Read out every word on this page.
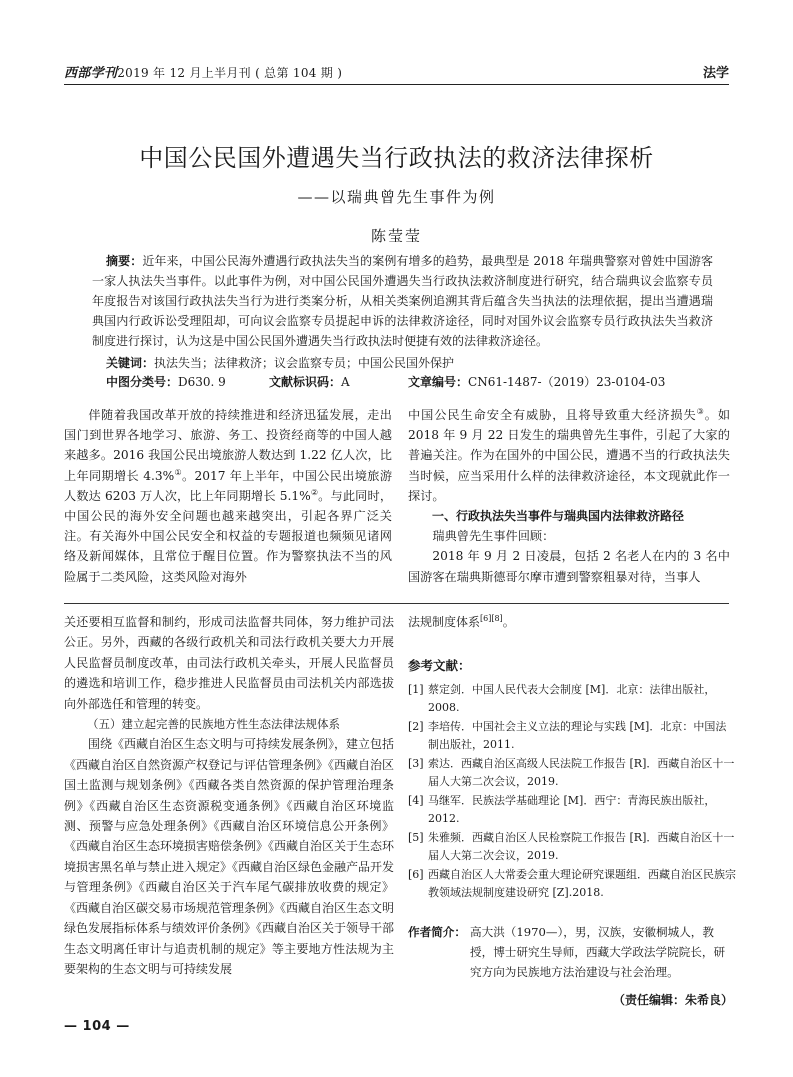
西部学刊2019 年 12 月上半月刊 ( 总第 104 期 )	法学
中国公民国外遭遇失当行政执法的救济法律探析
——以瑞典曾先生事件为例
陈莹莹
摘要：近年来，中国公民海外遭遇行政执法失当的案例有增多的趋势，最典型是 2018 年瑞典警察对曾姓中国游客一家人执法失当事件。以此事件为例，对中国公民国外遭遇失当行政执法救济制度进行研究，结合瑞典议会监察专员年度报告对该国行政执法失当行为进行类案分析，从相关类案例追溯其背后蕴含失当执法的法理依据，提出当遭遇瑞典国内行政诉讼受理阻却，可向议会监察专员提起申诉的法律救济途径，同时对国外议会监察专员行政执法失当救济制度进行探讨，认为这是中国公民国外遭遇失当行政执法时便捷有效的法律救济途径。
关键词：执法失当；法律救济；议会监察专员；中国公民国外保护
中图分类号：D630. 9	文献标识码：A	文章编号：CN61-1487-（2019）23-0104-03

伴随着我国改革开放的持续推进和经济迅猛发展，走出国门到世界各地学习、旅游、务工、投资经商等的中国人越来越多。2016 我国公民出境旅游人数达到 1.22 亿人次，比上年同期增长 4.3%①。2017 年上半年，中国公民出境旅游人数达 6203 万人次，比上年同期增长 5.1%②。与此同时，中国公民的海外安全问题也越来越突出，引起各界广泛关注。有关海外中国公民安全和权益的专题报道也频频见诸网络及新闻媒体，且常位于醒目位置。作为警察执法不当的风险属于二类风险，这类风险对海外

中国公民生命安全有威胁，且将导致重大经济损失③。如 2018 年 9 月 22 日发生的瑞典曾先生事件，引起了大家的普遍关注。作为在国外的中国公民，遭遇不当的行政执法失当时候，应当采用什么样的法律救济途径，本文现就此作一探讨。

一、行政执法失当事件与瑞典国内法律救济路径

瑞典曾先生事件回顾：

2018 年 9 月 2 日凌晨，包括 2 名老人在内的 3 名中国游客在瑞典斯德哥尔摩市遭到警察粗暴对待，当事人

关还要相互监督和制约，形成司法监督共同体，努力维护司法公正。另外，西藏的各级行政机关和司法行政机关要大力开展人民监督员制度改革，由司法行政机关牵头，开展人民监督员的遴选和培训工作，稳步推进人民监督员由司法机关内部选拔向外部选任和管理的转变。

（五）建立起完善的民族地方性生态法律法规体系

围绕《西藏自治区生态文明与可持续发展条例》，建立包括《西藏自治区自然资源产权登记与评估管理条例》《西藏自治区国土监测与规划条例》《西藏各类自然资源的保护管理治理条例》《西藏自治区生态资源税变通条例》《西藏自治区环境监测、预警与应急处理条例》《西藏自治区环境信息公开条例》《西藏自治区生态环境损害赔偿条例》《西藏自治区关于生态环境损害黑名单与禁止进入规定》《西藏自治区绿色金融产品开发与管理条例》《西藏自治区关于汽车尾气碳排放收费的规定》《西藏自治区碳交易市场规范管理条例》《西藏自治区生态文明绿色发展指标体系与绩效评价条例》《西藏自治区关于领导干部生态文明离任审计与追责机制的规定》等主要地方性法规为主要架构的生态文明与可持续发展

法规制度体系[6][8]。

参考文献：
[1] 蔡定剑．中国人民代表大会制度 [M]．北京：法律出版社，2008.
[2] 李培传．中国社会主义立法的理论与实践 [M]．北京：中国法制出版社，2011.
[3] 索达．西藏自治区高级人民法院工作报告 [R]．西藏自治区十一届人大第二次会议，2019.
[4] 马继军．民族法学基础理论 [M]．西宁：青海民族出版社，2012.
[5] 朱雅频．西藏自治区人民检察院工作报告 [R]．西藏自治区十一届人大第二次会议，2019.
[6] 西藏自治区人大常委会重大理论研究课题组．西藏自治区民族宗教领域法规制度建设研究 [Z].2018.
作者简介： 高大洪（1970—），男，汉族，安徽桐城人，教授，博士研究生导师，西藏大学政法学院院长，研究方向为民族地方法治建设与社会治理。
（责任编辑：朱希良）
— 104 —
